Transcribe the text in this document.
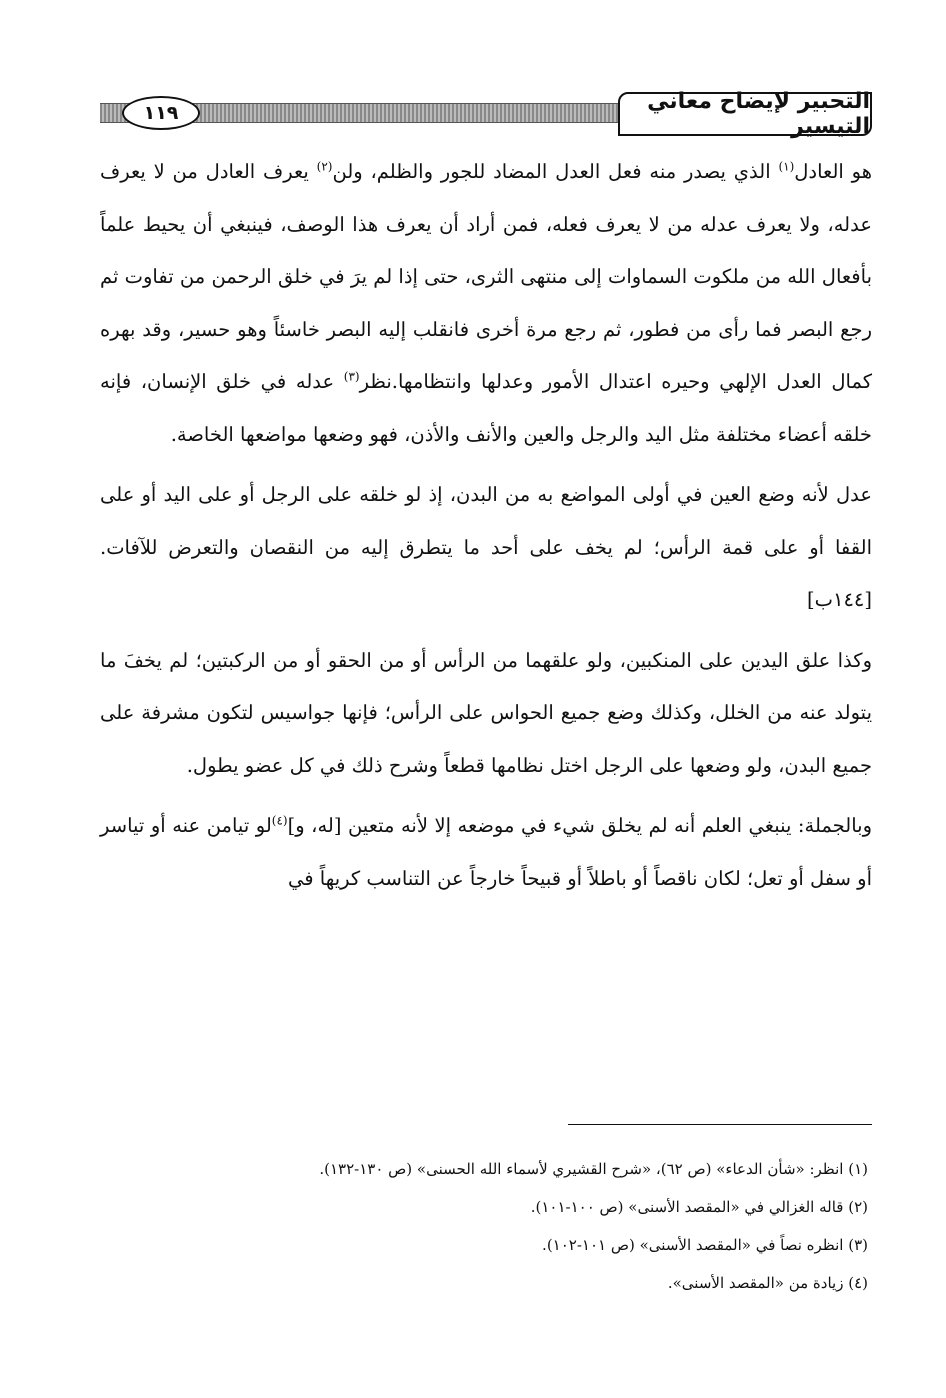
التحبير لإيضاح معاني التيسير
١١٩

هو العادل$^{(١)}$ الذي يصدر منه فعل العدل المضاد للجور والظلم، ولن$^{(٢)}$ يعرف العادل من لا يعرف عدله، ولا يعرف عدله من لا يعرف فعله، فمن أراد أن يعرف هذا الوصف، فينبغي أن يحيط علماً بأفعال الله من ملكوت السماوات إلى منتهى الثرى، حتى إذا لم يرَ في خلق الرحمن من تفاوت ثم رجع البصر فما رأى من فطور، ثم رجع مرة أخرى فانقلب إليه البصر خاسئاً وهو حسير، وقد بهره كمال العدل الإلهي وحيره اعتدال الأمور وعدلها وانتظامها.نظر$^{(٣)}$ عدله في خلق الإنسان، فإنه خلقه أعضاء مختلفة مثل اليد والرجل والعين والأنف والأذن، فهو وضعها مواضعها الخاصة.

عدل لأنه وضع العين في أولى المواضع به من البدن، إذ لو خلقه على الرجل أو على اليد أو على القفا أو على قمة الرأس؛ لم يخف على أحد ما يتطرق إليه من النقصان والتعرض للآفات. [١٤٤ب]

وكذا علق اليدين على المنكبين، ولو علقهما من الرأس أو من الحقو أو من الركبتين؛ لم يخفَ ما يتولد عنه من الخلل، وكذلك وضع جميع الحواس على الرأس؛ فإنها جواسيس لتكون مشرفة على جميع البدن، ولو وضعها على الرجل اختل نظامها قطعاً وشرح ذلك في كل عضو يطول.

وبالجملة: ينبغي العلم أنه لم يخلق شيء في موضعه إلا لأنه متعين [له، و]$^{(٤)}$لو تيامن عنه أو تياسر أو سفل أو تعل؛ لكان ناقصاً أو باطلاً أو قبيحاً خارجاً عن التناسب كريهاً في

(١) انظر: «شأن الدعاء» (ص ٦٢)، «شرح القشيري لأسماء الله الحسنى» (ص ١٣٠-١٣٢).
(٢) قاله الغزالي في «المقصد الأسنى» (ص ١٠٠-١٠١).
(٣) انظره نصاً في «المقصد الأسنى» (ص ١٠١-١٠٢).
(٤) زيادة من «المقصد الأسنى».
